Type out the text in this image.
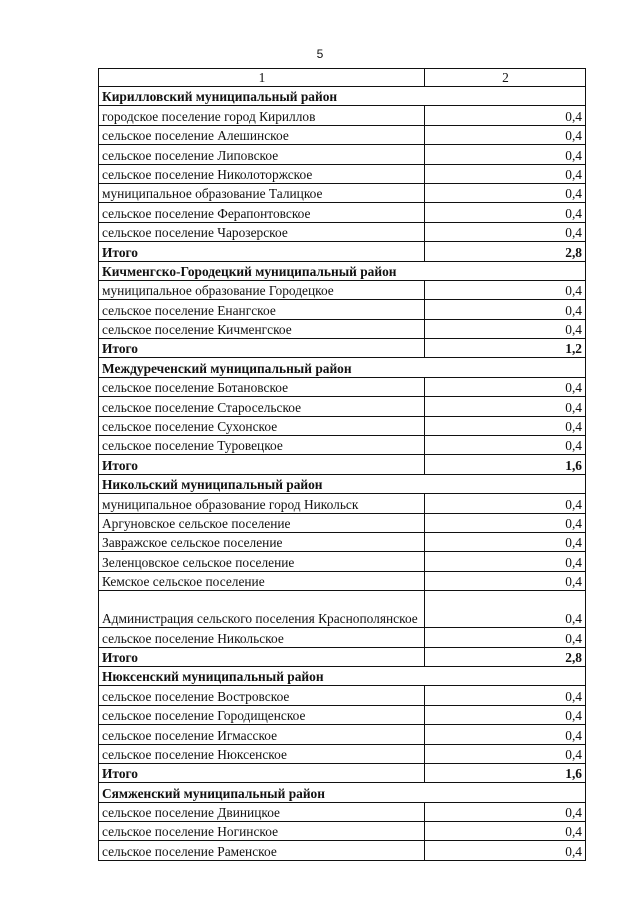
5
1	2
Кирилловский муниципальный район	
городское поселение город Кириллов	0,4
сельское поселение Алешинское	0,4
сельское поселение Липовское	0,4
сельское поселение Николоторжское	0,4
муниципальное образование Талицкое	0,4
сельское поселение Ферапонтовское	0,4
сельское поселение Чарозерское	0,4
Итого	2,8
Кичменгско-Городецкий муниципальный район	
муниципальное образование Городецкое	0,4
сельское поселение Енангское	0,4
сельское поселение Кичменгское	0,4
Итого	1,2
Междуреченский муниципальный район	
сельское поселение Ботановское	0,4
сельское поселение Старосельское	0,4
сельское поселение Сухонское	0,4
сельское поселение Туровецкое	0,4
Итого	1,6
Никольский муниципальный район	
муниципальное образование город Никольск	0,4
Аргуновское сельское поселение	0,4
Завражское сельское поселение	0,4
Зеленцовское сельское поселение	0,4
Кемское сельское поселение	0,4
Администрация сельского поселения Краснополянское	0,4
сельское поселение Никольское	0,4
Итого	2,8
Нюксенский муниципальный район	
сельское поселение Востровское	0,4
сельское поселение Городищенское	0,4
сельское поселение Игмасское	0,4
сельское поселение Нюксенское	0,4
Итого	1,6
Сямженский муниципальный район	
сельское поселение Двиницкое	0,4
сельское поселение Ногинское	0,4
сельское поселение Раменское	0,4
